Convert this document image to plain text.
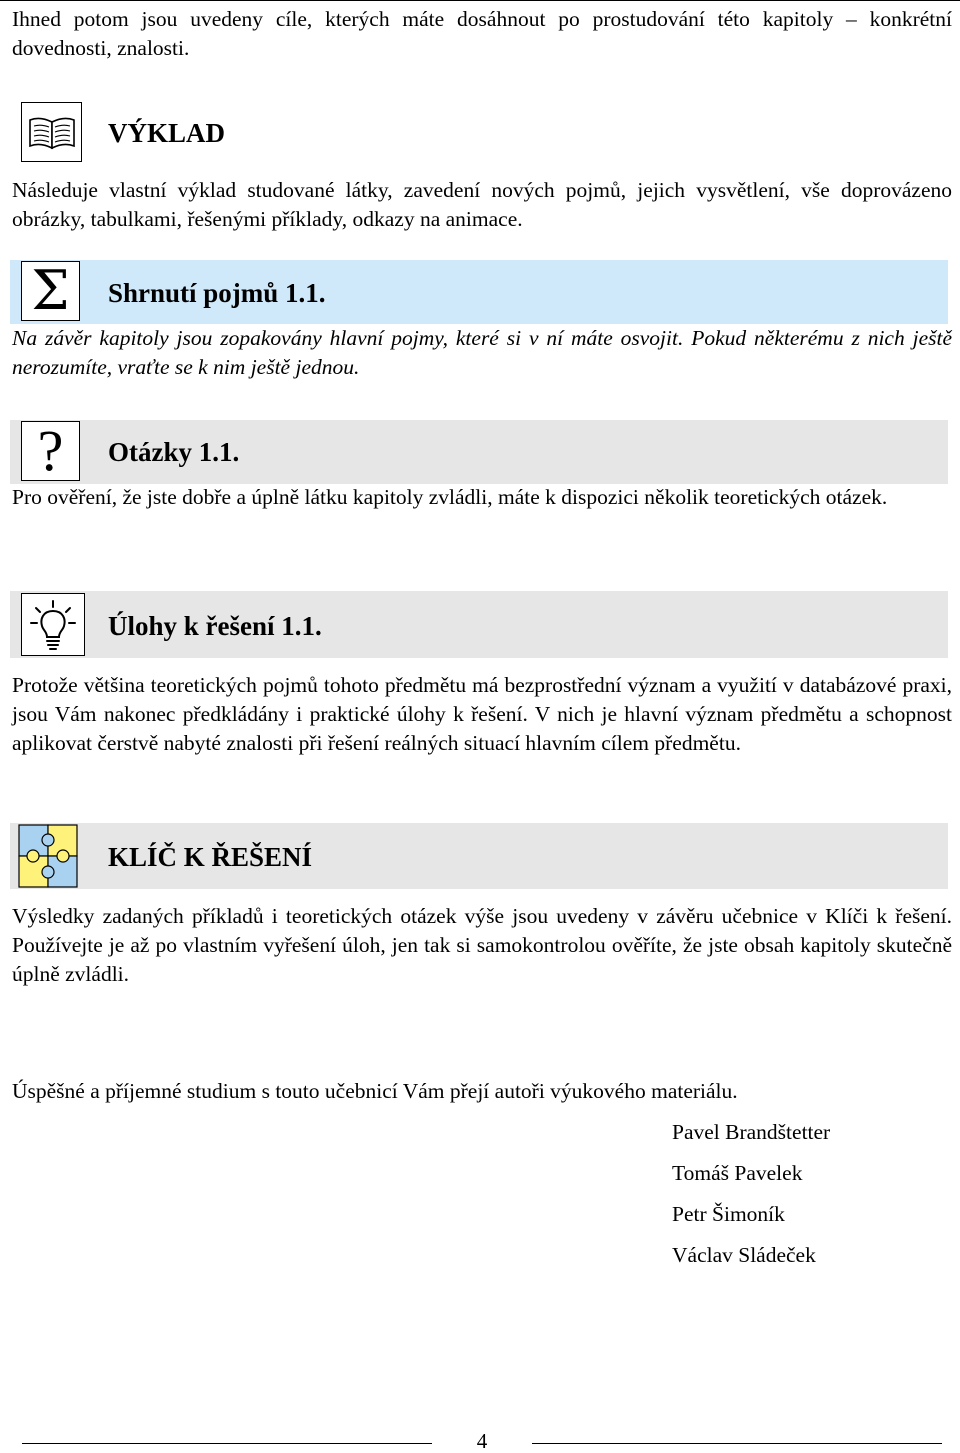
Ihned potom jsou uvedeny cíle, kterých máte dosáhnout po prostudování této kapitoly – konkrétní dovednosti, znalosti.

VÝKLAD

Následuje vlastní výklad studované látky, zavedení nových pojmů, jejich vysvětlení, vše doprovázeno obrázky, tabulkami, řešenými příklady, odkazy na animace.

Σ Shrnutí pojmů 1.1.

Na závěr kapitoly jsou zopakovány hlavní pojmy, které si v ní máte osvojit. Pokud některému z nich ještě nerozumíte, vraťte se k nim ještě jednou.

? Otázky 1.1.

Pro ověření, že jste dobře a úplně látku kapitoly zvládli, máte k dispozici několik teoretických otázek.

Úlohy k řešení 1.1.

Protože většina teoretických pojmů tohoto předmětu má bezprostřední význam a využití v databázové praxi, jsou Vám nakonec předkládány i praktické úlohy k řešení. V nich je hlavní význam předmětu a schopnost aplikovat čerstvě nabyté znalosti při řešení reálných situací hlavním cílem předmětu.

KLÍČ K ŘEŠENÍ

Výsledky zadaných příkladů i teoretických otázek výše jsou uvedeny v závěru učebnice v Klíči k řešení. Používejte je až po vlastním vyřešení úloh, jen tak si samokontrolou ověříte, že jste obsah kapitoly skutečně úplně zvládli.

Úspěšné a příjemné studium s touto učebnicí Vám přejí autoři výukového materiálu.

Pavel Brandštetter
Tomáš Pavelek
Petr Šimoník
Václav Sládeček
4
